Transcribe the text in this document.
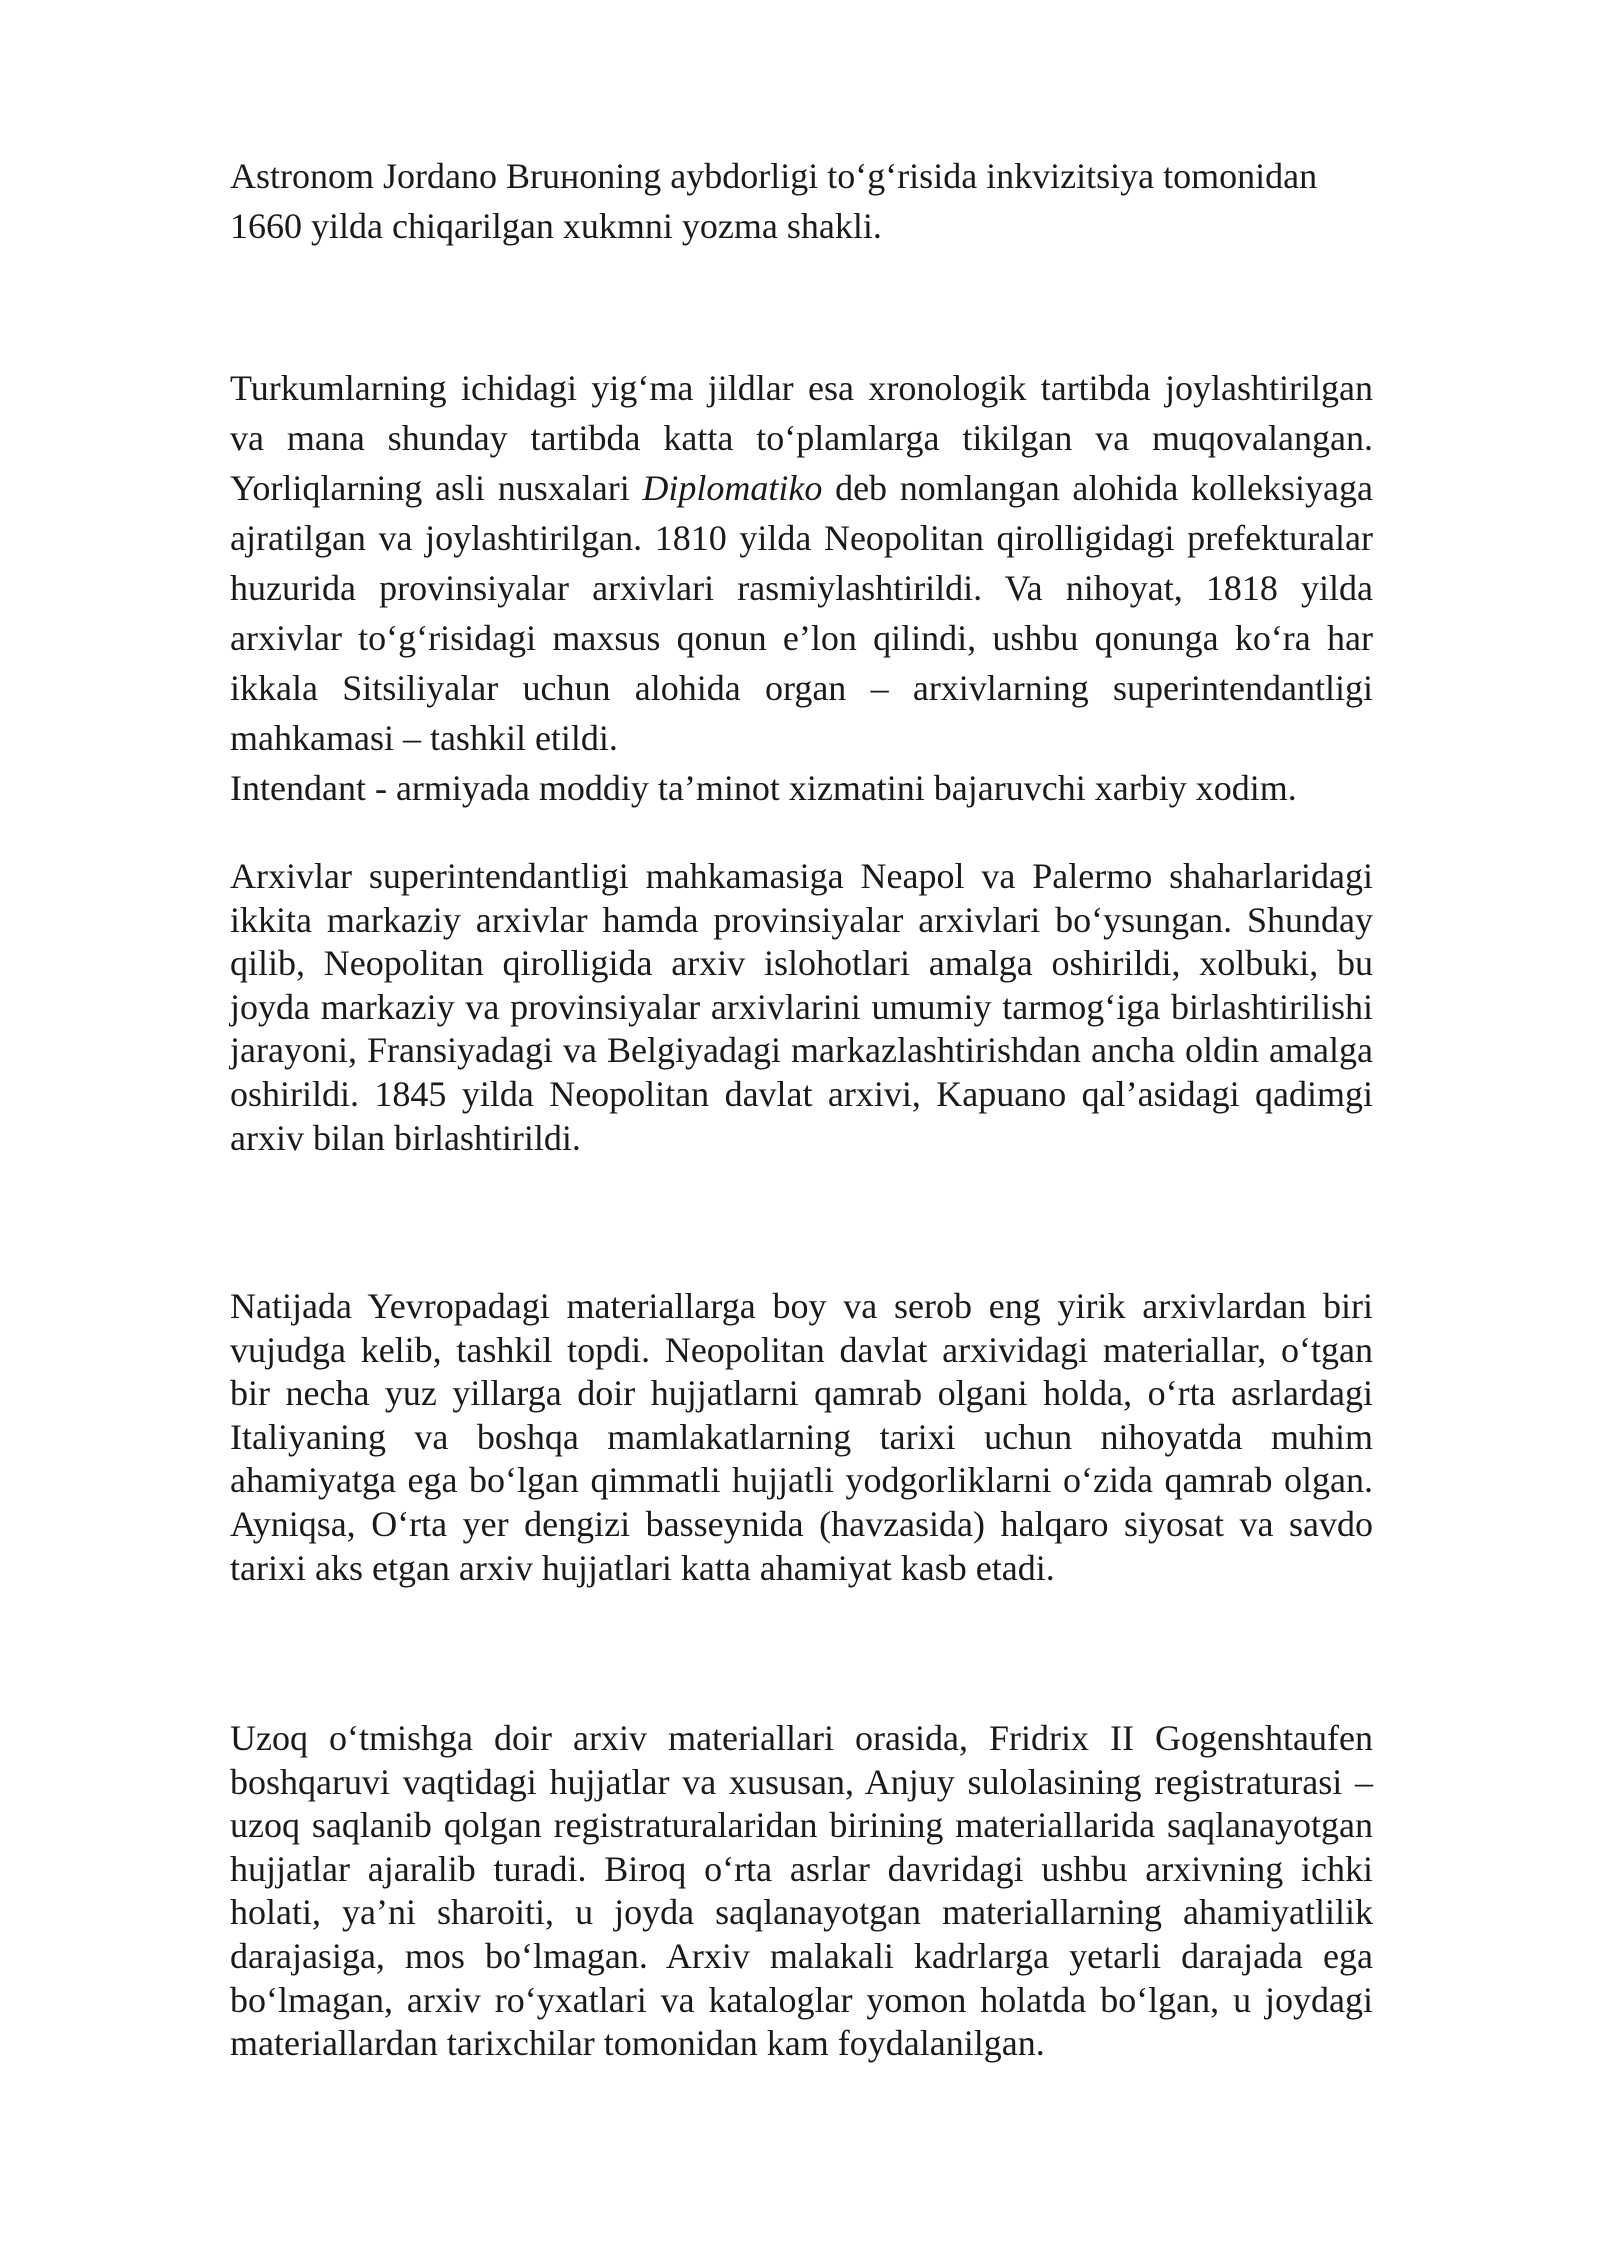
Astronom Jordano Bruноning aybdorligi to‘g‘risida inkvizitsiya tomonidan 1660 yilda chiqarilgan xukmni yozma shakli.

Turkumlarning ichidagi yig‘ma jildlar esa xronologik tartibda joylashtirilgan va mana shunday tartibda katta to‘plamlarga tikilgan va muqovalangan. Yorliqlarning asli nusxalari Diplomatiko deb nomlangan alohida kolleksiyaga ajratilgan va joylashtirilgan. 1810 yilda Neopolitan qirolligidagi prefekturalar huzurida provinsiyalar arxivlari rasmiylashtirildi. Va nihoyat, 1818 yilda arxivlar to‘g‘risidagi maxsus qonun e’lon qilindi, ushbu qonunga ko‘ra har ikkala Sitsiliyalar uchun alohida organ – arxivlarning superintendantligi mahkamasi – tashkil etildi.
Intendant - armiyada moddiy ta’minot xizmatini bajaruvchi xarbiy xodim.

Arxivlar superintendantligi mahkamasiga Neapol va Palermo shaharlaridagi ikkita markaziy arxivlar hamda provinsiyalar arxivlari bo‘ysungan. Shunday qilib, Neopolitan qirolligida arxiv islohotlari amalga oshirildi, xolbuki, bu joyda markaziy va provinsiyalar arxivlarini umumiy tarmog‘iga birlashtirilishi jarayoni, Fransiyadagi va Belgiyadagi markazlashtirishdan ancha oldin amalga oshirildi. 1845 yilda Neopolitan davlat arxivi, Kapuano qal’asidagi qadimgi arxiv bilan birlashtirildi.

Natijada Yevropadagi materiallarga boy va serob eng yirik arxivlardan biri vujudga kelib, tashkil topdi. Neopolitan davlat arxividagi materiallar, o‘tgan bir necha yuz yillarga doir hujjatlarni qamrab olgani holda, o‘rta asrlardagi Italiyaning va boshqa mamlakatlarning tarixi uchun nihoyatda muhim ahamiyatga ega bo‘lgan qimmatli hujjatli yodgorliklarni o‘zida qamrab olgan. Ayniqsa, O‘rta yer dengizi basseynida (havzasida) halqaro siyosat va savdo tarixi aks etgan arxiv hujjatlari katta ahamiyat kasb etadi.

Uzoq o‘tmishga doir arxiv materiallari orasida, Fridrix II Gogenshtaufen boshqaruvi vaqtidagi hujjatlar va xususan, Anjuy sulolasining registraturasi – uzoq saqlanib qolgan registraturalaridan birining materiallarida saqlanayotgan hujjatlar ajaralib turadi. Biroq o‘rta asrlar davridagi ushbu arxivning ichki holati, ya’ni sharoiti, u joyda saqlanayotgan materiallarning ahamiyatlilik darajasiga, mos bo‘lmagan. Arxiv malakali kadrlarga yetarli darajada ega bo‘lmagan, arxiv ro‘yxatlari va kataloglar yomon holatda bo‘lgan, u joydagi materiallardan tarixchilar tomonidan kam foydalanilgan.
